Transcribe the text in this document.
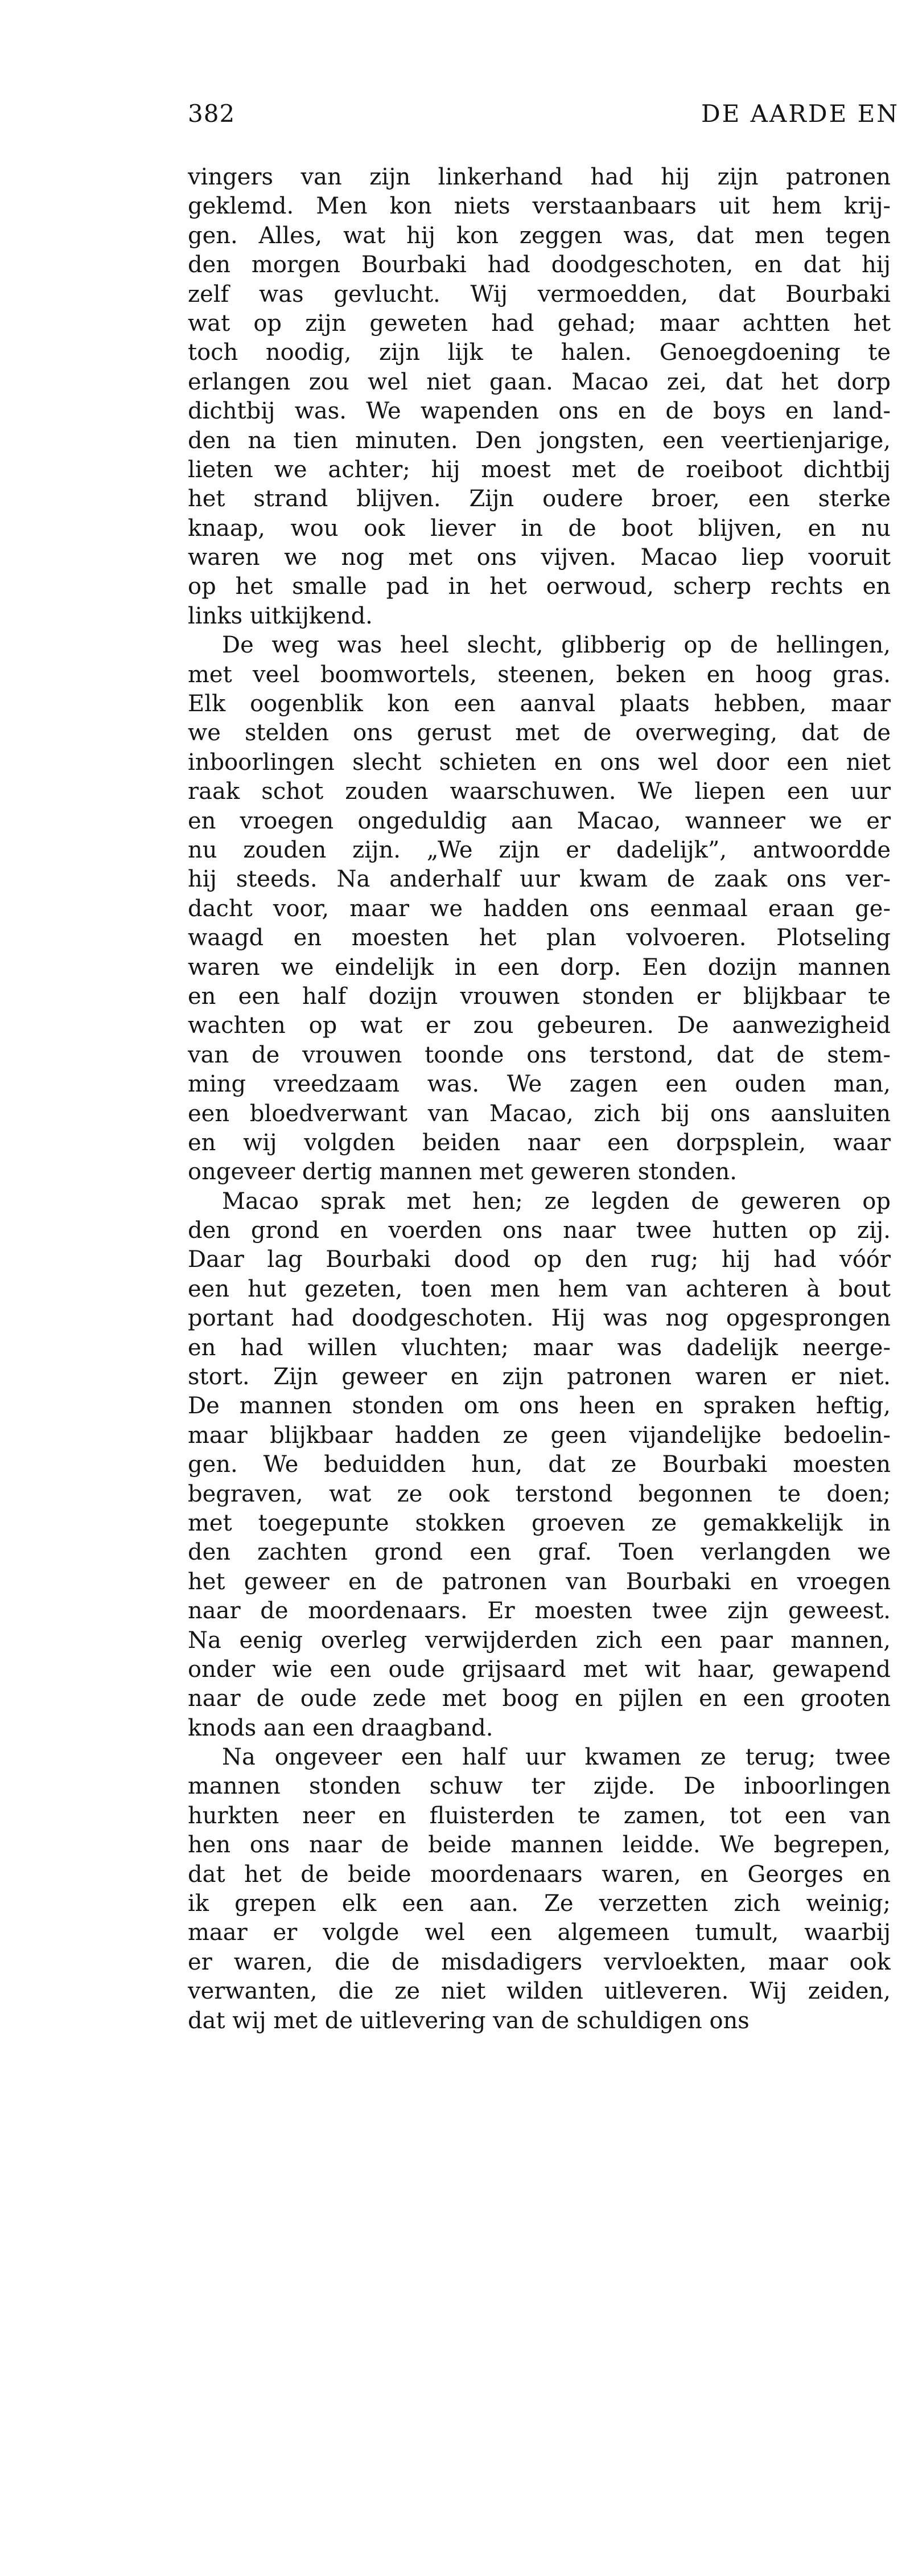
382	DE AARDE EN
vingers van zijn linkerhand had hij zijn patronen
geklemd. Men kon niets verstaanbaars uit hem krij-
gen. Alles, wat hij kon zeggen was, dat men tegen
den morgen Bourbaki had doodgeschoten, en dat hij
zelf was gevlucht. Wij vermoedden, dat Bourbaki
wat op zijn geweten had gehad; maar achtten het
toch noodig, zijn lijk te halen. Genoegdoening te
erlangen zou wel niet gaan. Macao zei, dat het dorp
dichtbij was. We wapenden ons en de boys en land-
den na tien minuten. Den jongsten, een veertienjarige,
lieten we achter; hij moest met de roeiboot dichtbij
het strand blijven. Zijn oudere broer, een sterke
knaap, wou ook liever in de boot blijven, en nu
waren we nog met ons vijven. Macao liep vooruit
op het smalle pad in het oerwoud, scherp rechts en
links uitkijkend.
De weg was heel slecht, glibberig op de hellingen,
met veel boomwortels, steenen, beken en hoog gras.
Elk oogenblik kon een aanval plaats hebben, maar
we stelden ons gerust met de overweging, dat de
inboorlingen slecht schieten en ons wel door een niet
raak schot zouden waarschuwen. We liepen een uur
en vroegen ongeduldig aan Macao, wanneer we er
nu zouden zijn. „We zijn er dadelijk”, antwoordde
hij steeds. Na anderhalf uur kwam de zaak ons ver-
dacht voor, maar we hadden ons eenmaal eraan ge-
waagd en moesten het plan volvoeren. Plotseling
waren we eindelijk in een dorp. Een dozijn mannen
en een half dozijn vrouwen stonden er blijkbaar te
wachten op wat er zou gebeuren. De aanwezigheid
van de vrouwen toonde ons terstond, dat de stem-
ming vreedzaam was. We zagen een ouden man,
een bloedverwant van Macao, zich bij ons aansluiten
en wij volgden beiden naar een dorpsplein, waar
ongeveer dertig mannen met geweren stonden.
Macao sprak met hen; ze legden de geweren op
den grond en voerden ons naar twee hutten op zij.
Daar lag Bourbaki dood op den rug; hij had vóór
een hut gezeten, toen men hem van achteren à bout
portant had doodgeschoten. Hij was nog opgesprongen
en had willen vluchten; maar was dadelijk neerge-
stort. Zijn geweer en zijn patronen waren er niet.
De mannen stonden om ons heen en spraken heftig,
maar blijkbaar hadden ze geen vijandelijke bedoelin-
gen. We beduidden hun, dat ze Bourbaki moesten
begraven, wat ze ook terstond begonnen te doen;
met toegepunte stokken groeven ze gemakkelijk in
den zachten grond een graf. Toen verlangden we
het geweer en de patronen van Bourbaki en vroegen
naar de moordenaars. Er moesten twee zijn geweest.
Na eenig overleg verwijderden zich een paar mannen,
onder wie een oude grijsaard met wit haar, gewapend
naar de oude zede met boog en pijlen en een grooten
knods aan een draagband.
Na ongeveer een half uur kwamen ze terug; twee
mannen stonden schuw ter zijde. De inboorlingen
hurkten neer en fluisterden te zamen, tot een van
hen ons naar de beide mannen leidde. We begrepen,
dat het de beide moordenaars waren, en Georges en
ik grepen elk een aan. Ze verzetten zich weinig;
maar er volgde wel een algemeen tumult, waarbij
er waren, die de misdadigers vervloekten, maar ook
verwanten, die ze niet wilden uitleveren. Wij zeiden,
dat wij met de uitlevering van de schuldigen ons
